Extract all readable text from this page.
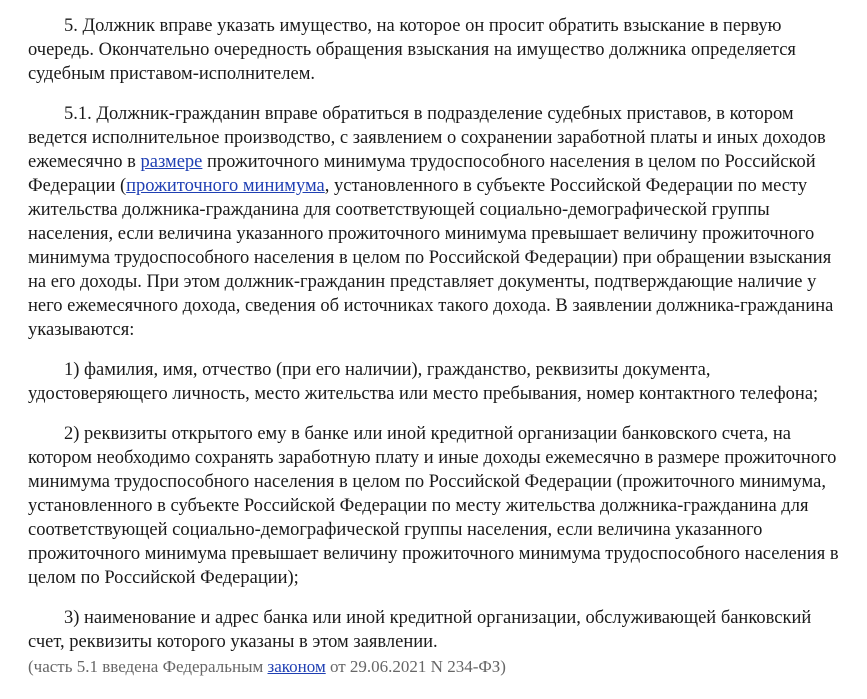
5. Должник вправе указать имущество, на которое он просит обратить взыскание в первую очередь. Окончательно очередность обращения взыскания на имущество должника определяется судебным приставом-исполнителем.

5.1. Должник-гражданин вправе обратиться в подразделение судебных приставов, в котором ведется исполнительное производство, с заявлением о сохранении заработной платы и иных доходов ежемесячно в размере прожиточного минимума трудоспособного населения в целом по Российской Федерации (прожиточного минимума, установленного в субъекте Российской Федерации по месту жительства должника-гражданина для соответствующей социально-демографической группы населения, если величина указанного прожиточного минимума превышает величину прожиточного минимума трудоспособного населения в целом по Российской Федерации) при обращении взыскания на его доходы. При этом должник-гражданин представляет документы, подтверждающие наличие у него ежемесячного дохода, сведения об источниках такого дохода. В заявлении должника-гражданина указываются:

1) фамилия, имя, отчество (при его наличии), гражданство, реквизиты документа, удостоверяющего личность, место жительства или место пребывания, номер контактного телефона;

2) реквизиты открытого ему в банке или иной кредитной организации банковского счета, на котором необходимо сохранять заработную плату и иные доходы ежемесячно в размере прожиточного минимума трудоспособного населения в целом по Российской Федерации (прожиточного минимума, установленного в субъекте Российской Федерации по месту жительства должника-гражданина для соответствующей социально-демографической группы населения, если величина указанного прожиточного минимума превышает величину прожиточного минимума трудоспособного населения в целом по Российской Федерации);

3) наименование и адрес банка или иной кредитной организации, обслуживающей банковский счет, реквизиты которого указаны в этом заявлении.

(часть 5.1 введена Федеральным законом от 29.06.2021 N 234-ФЗ)
